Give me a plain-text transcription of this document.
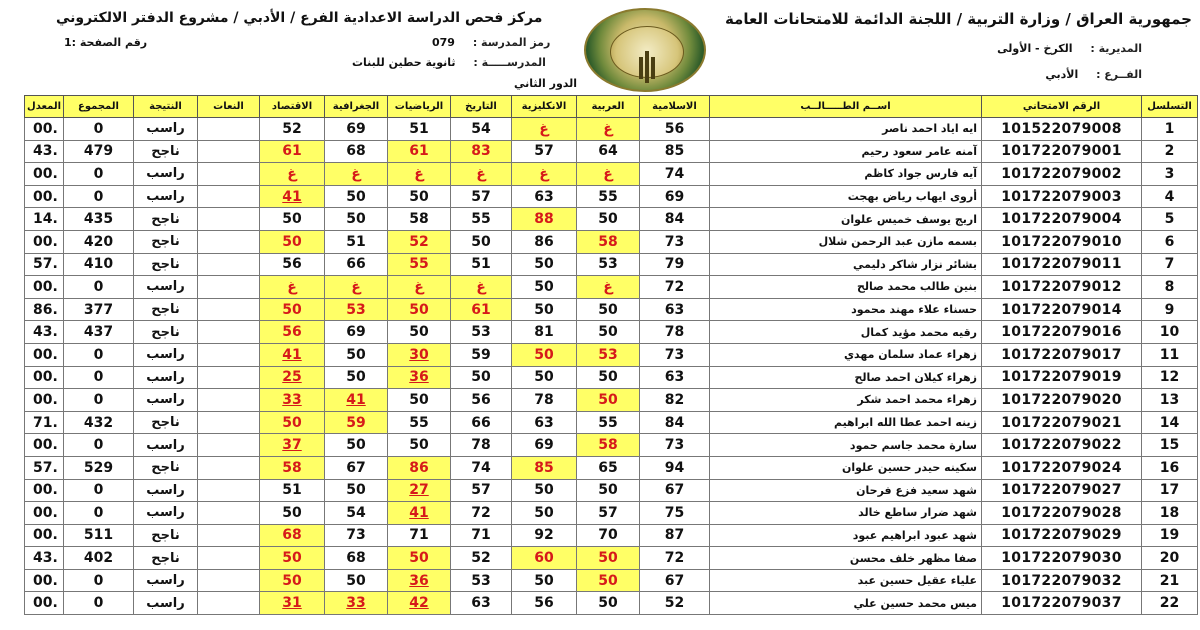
جمهورية العراق / وزارة التربية / اللجنة الدائمة للامتحانات العامة
مركز فحص الدراسة الاعدادية الفرع / الأدبي / مشروع الدفتر الالكتروني
المديرية : الكرخ - الأولى
الفــرع : الأدبي
رمز المدرسة : 079
المدرســـــة : ثانوية حطين للبنات
الدور الثاني
رقم الصفحة :1
التسلسل	الرقم الامتحاني	اســم الطـــــالــب	الاسلامية	العربية	الانكليزية	التاريخ	الرياضيات	الجغرافية	الاقتصاد	النعات	النتيجة	المجموع	المعدل
1	101522079008	ايه اياد احمد ناصر	56	غ	غ	54	51	69	52		راسب	0	.00
2	101722079001	آمنه عامر سعود رحيم	85	64	57	83	61	68	61		ناجح	479	.43
3	101722079002	آيه فارس جواد كاظم	74	غ	غ	غ	غ	غ	غ		راسب	0	.00
4	101722079003	أروى ايهاب رياض بهجت	69	55	63	57	50	50	41		راسب	0	.00
5	101722079004	اريج يوسف خميس علوان	84	50	88	55	58	50	50		ناجح	435	.14
6	101722079010	بسمه مازن عبد الرحمن شلال	73	58	86	50	52	51	50		ناجح	420	.00
7	101722079011	بشائر نزار شاكر دليمي	79	53	50	51	55	66	56		ناجح	410	.57
8	101722079012	بنين طالب محمد صالح	72	غ	50	غ	غ	غ	غ		راسب	0	.00
9	101722079014	حسناء علاء مهند محمود	63	50	50	61	50	53	50		ناجح	377	.86
10	101722079016	رقيه محمد مؤيد كمال	78	50	81	53	50	69	56		ناجح	437	.43
11	101722079017	زهراء عماد سلمان مهدي	73	53	50	59	30	50	41		راسب	0	.00
12	101722079019	زهراء كيلان احمد صالح	63	50	50	50	36	50	25		راسب	0	.00
13	101722079020	زهراء محمد احمد شكر	82	50	78	56	50	41	33		راسب	0	.00
14	101722079021	زينه احمد عطا الله ابراهيم	84	55	63	66	55	59	50		ناجح	432	.71
15	101722079022	سارة محمد جاسم حمود	73	58	69	78	50	50	37		راسب	0	.00
16	101722079024	سكينه حيدر حسين علوان	94	65	85	74	86	67	58		ناجح	529	.57
17	101722079027	شهد سعيد فزع فرحان	67	50	50	57	27	50	51		راسب	0	.00
18	101722079028	شهد ضرار ساطع خالد	75	57	50	72	41	54	50		راسب	0	.00
19	101722079029	شهد عبود ابراهيم عبود	87	70	92	71	71	73	68		ناجح	511	.00
20	101722079030	صفا مظهر خلف محسن	72	50	60	52	50	68	50		ناجح	402	.43
21	101722079032	علياء عقيل حسين عبد	67	50	50	53	36	50	50		راسب	0	.00
22	101722079037	ميس محمد حسين علي	52	50	56	63	42	33	31		راسب	0	.00
